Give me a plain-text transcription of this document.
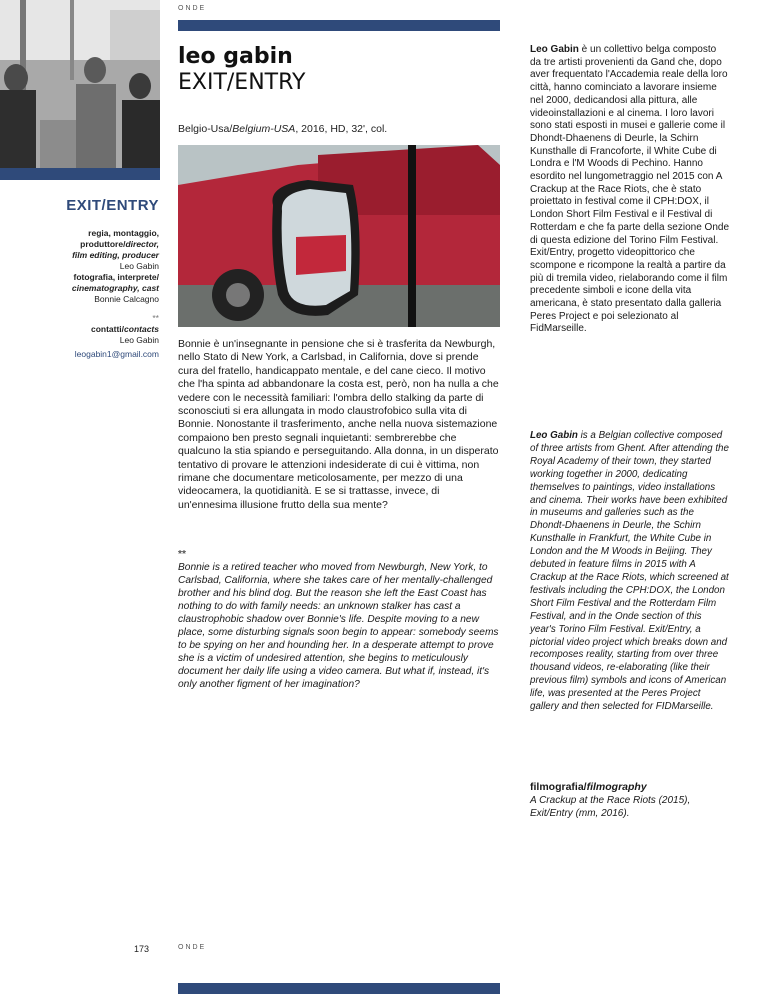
ONDE
leo gabin
EXIT/ENTRY
Belgio-Usa/Belgium-USA, 2016, HD, 32', col.
EXIT/ENTRY
regia, montaggio,
produttore/director,
film editing, producer
Leo Gabin
fotografia, interprete/
cinematography, cast
Bonnie Calcagno
**
contatti/contacts
Leo Gabin
leogabin1@gmail.com
Bonnie è un'insegnante in pensione che si è trasferita da Newburgh, nello Stato di New York, a Carlsbad, in California, dove si prende cura del fratello, handicappato mentale, e del cane cieco. Il motivo che l'ha spinta ad abbandonare la costa est, però, non ha nulla a che vedere con le necessità familiari: l'ombra dello stalking da parte di sconosciuti si era allungata in modo claustrofobico sulla vita di Bonnie. Nonostante il trasferimento, anche nella nuova sistemazione compaiono ben presto segnali inquietanti: sembrerebbe che qualcuno la stia spiando e perseguitando. Alla donna, in un disperato tentativo di provare le attenzioni indesiderate di cui è vittima, non rimane che documentare meticolosamente, per mezzo di una videocamera, la quotidianità. E se si trattasse, invece, di un'ennesima illusione frutto della sua mente?
**
Bonnie is a retired teacher who moved from Newburgh, New York, to Carlsbad, California, where she takes care of her mentally-challenged brother and his blind dog. But the reason she left the East Coast has nothing to do with family needs: an unknown stalker has cast a claustrophobic shadow over Bonnie's life. Despite moving to a new place, some disturbing signals soon begin to appear: somebody seems to be spying on her and hounding her. In a desperate attempt to prove she is a victim of undesired attention, she begins to meticulously document her daily life using a video camera. But what if, instead, it's only another figment of her imagination?
Leo Gabin è un collettivo belga composto da tre artisti provenienti da Gand che, dopo aver frequentato l'Accademia reale della loro città, hanno cominciato a lavorare insieme nel 2000, dedicandosi alla pittura, alle videoinstallazioni e al cinema. I loro lavori sono stati esposti in musei e gallerie come il Dhondt-Dhaenens di Deurle, la Schirn Kunsthalle di Francoforte, il White Cube di Londra e l'M Woods di Pechino. Hanno esordito nel lungometraggio nel 2015 con A Crackup at the Race Riots, che è stato proiettato in festival come il CPH:DOX, il London Short Film Festival e il Festival di Rotterdam e che fa parte della sezione Onde di questa edizione del Torino Film Festival. Exit/Entry, progetto videopittorico che scompone e ricompone la realtà a partire da più di tremila video, rielaborando come il film precedente simboli e icone della vita americana, è stato presentato dalla galleria Peres Project e poi selezionato al FidMarseille.
Leo Gabin is a Belgian collective composed of three artists from Ghent. After attending the Royal Academy of their town, they started working together in 2000, dedicating themselves to paintings, video installations and cinema. Their works have been exhibited in museums and galleries such as the Dhondt-Dhaenens in Deurle, the Schirn Kunsthalle in Frankfurt, the White Cube in London and the M Woods in Beijing. They debuted in feature films in 2015 with A Crackup at the Race Riots, which screened at festivals including the CPH:DOX, the London Short Film Festival and the Rotterdam Film Festival, and in the Onde section of this year's Torino Film Festival. Exit/Entry, a pictorial video project which breaks down and recomposes reality, starting from over three thousand videos, re-elaborating (like their previous film) symbols and icons of American life, was presented at the Peres Project gallery and then selected for FIDMarseille.
filmografia/filmography
A Crackup at the Race Riots (2015), Exit/Entry (mm, 2016).
173	ONDE
